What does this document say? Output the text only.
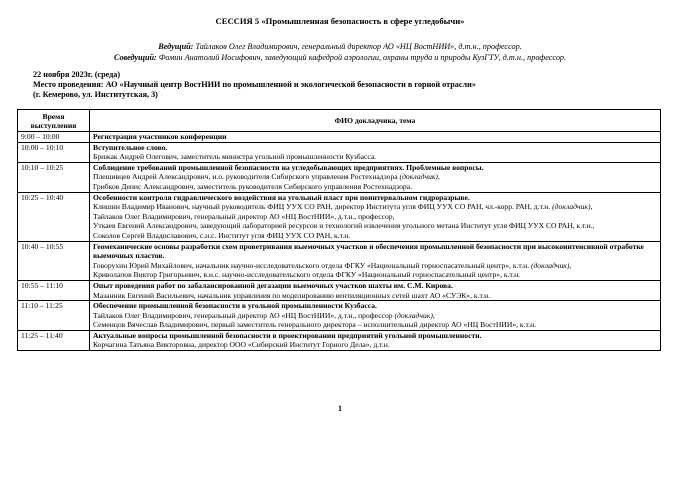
СЕССИЯ 5 «Промышленная безопасность в сфере угледобычи»
Ведущий: Тайлаков Олег Владимирович, генеральный директор АО «НЦ ВостНИИ», д.т.н., профессор.
Соведущий: Фомин Анатолий Иосифович, заведующий кафедрой аэрологии, охраны труда и природы КузГТУ, д.т.н., профессор.
22 ноября 2023г. (среда)
Место проведения: АО «Научный центр ВостНИИ по промышленной и экологической безопасности в горной отрасли»
(г. Кемерово, ул. Институтская, 3)
Время
выступления	ФИО докладчика, тема
9:00 – 10:00	Регистрация участников конференции

10:00 – 10:10	Вступительное слово.
Брижак Андрей Олегович, заместитель министра угольной промышленности Кузбасса.

10:10 – 10:25	Соблюдение требований промышленной безопасности на угледобывающих предприятиях. Проблемные вопросы.
Плешивцев Андрей Александрович, и.о. руководителя Сибирского управления Ростехнадзора (докладчик),
Грибков Денис Александрович, заместитель руководителя Сибирского управления Ростехнадзора.

10:25 – 10:40	Особенности контроля гидравлического воздействия на угольный пласт при поинтервальном гидроразрыве.
Клишин Владимир Иванович, научный руководитель ФИЦ УУХ СО РАН, директор Института угля ФИЦ УУХ СО РАН, чл.-корр. РАН, д.т.н. (докладчик),
Тайлаков Олег Владимирович, генеральный директор АО «НЦ ВостНИИ», д.т.н., профессор,
Уткаев Евгений Александрович, заведующий лабораторией ресурсов и технологий извлечения угольного метана Институт угля ФИЦ УУХ СО РАН, к.т.н.,
Соколов Сергей Владиславович, с.н.с. Институт угля ФИЦ УУХ СО РАН, к.т.н.

10:40 – 10:55	Геомеханические основы разработки схем проветривания выемочных участков и обеспечения промышленной безопасности при высокоинтенсивной отработке выемочных пластов.
Говорухин Юрий Михайлович, начальник научно-исследовательского отдела ФГКУ «Национальный горноспасательный центр», к.т.н. (докладчик),
Криволапов Виктор Григорьевич, в.н.с. научно-исследовательского отдела ФГКУ «Национальный горноспасательный центр», к.т.н.

10:55 – 11:10	Опыт проведения работ по забалансированной дегазации выемочных участков шахты им. С.М. Кирова.
Мазанник Евгений Васильевич, начальник управления по моделированию вентиляционных сетей шахт АО «СУЭК», к.т.н.

11:10 – 11:25	Обеспечение промышленной безопасности в угольной промышленности Кузбасса.
Тайлаков Олег Владимирович, генеральный директор АО «НЦ ВостНИИ», д.т.н., профессор (докладчик),
Семенцов Вячеслав Владимирович, первый заместитель генерального директора – исполнительный директор АО «НЦ ВостНИИ», к.т.н.

11:25 – 11:40	Актуальные вопросы промышленной безопасности в проектировании предприятий угольной промышленности.
Корчагина Татьяна Викторовна, директор ООО «Сибирский Институт Горного Дела», д.т.н.
1
